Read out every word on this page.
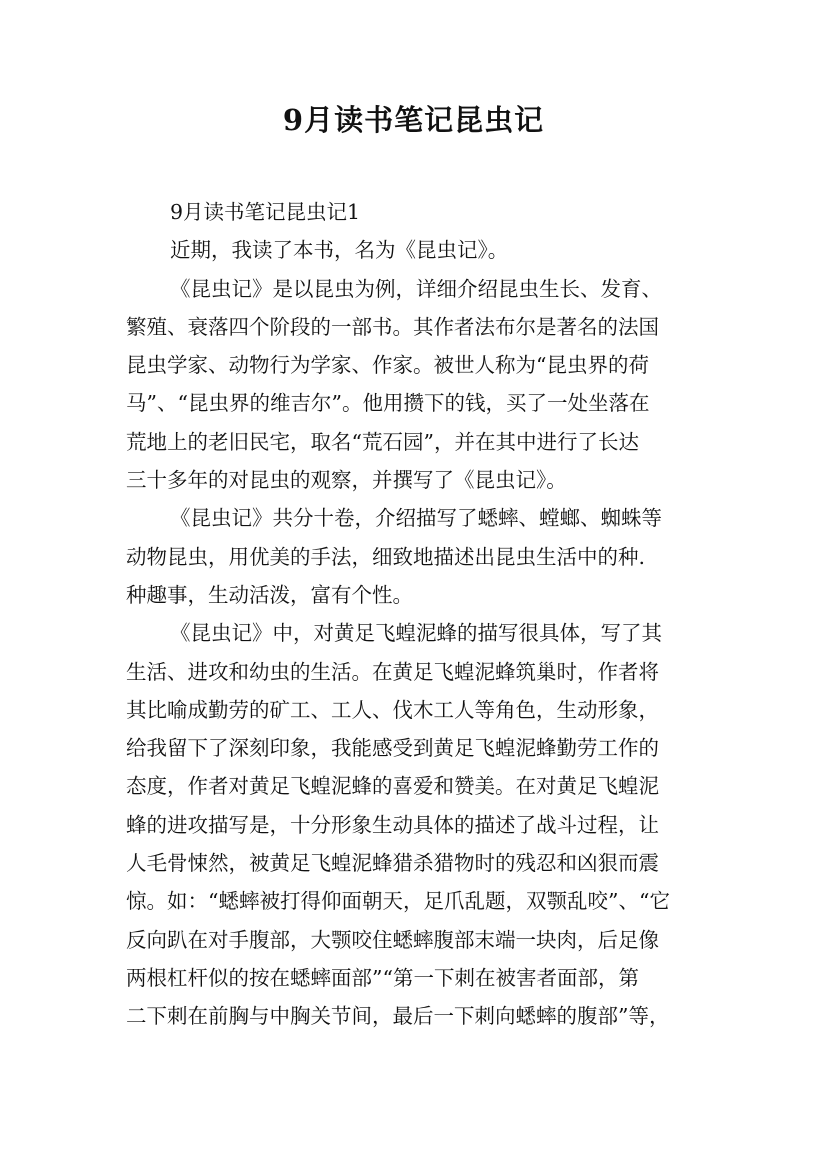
9月读书笔记昆虫记
9月读书笔记昆虫记1
近期，我读了本书，名为《昆虫记》。
《昆虫记》是以昆虫为例，详细介绍昆虫生长、发育、
繁殖、衰落四个阶段的一部书。其作者法布尔是著名的法国
昆虫学家、动物行为学家、作家。被世人称为“昆虫界的荷
马”、“昆虫界的维吉尔”。他用攒下的钱，买了一处坐落在
荒地上的老旧民宅，取名“荒石园”，并在其中进行了长达
三十多年的对昆虫的观察，并撰写了《昆虫记》。
《昆虫记》共分十卷，介绍描写了蟋蟀、螳螂、蜘蛛等
动物昆虫，用优美的手法，细致地描述出昆虫生活中的种.
种趣事，生动活泼，富有个性。
《昆虫记》中，对黄足飞蝗泥蜂的描写很具体，写了其
生活、进攻和幼虫的生活。在黄足飞蝗泥蜂筑巢时，作者将
其比喻成勤劳的矿工、工人、伐木工人等角色，生动形象，
给我留下了深刻印象，我能感受到黄足飞蝗泥蜂勤劳工作的
态度，作者对黄足飞蝗泥蜂的喜爱和赞美。在对黄足飞蝗泥
蜂的进攻描写是，十分形象生动具体的描述了战斗过程，让
人毛骨悚然，被黄足飞蝗泥蜂猎杀猎物时的残忍和凶狠而震
惊。如：“蟋蟀被打得仰面朝天，足爪乱题，双颚乱咬”、“它
反向趴在对手腹部，大颚咬住蟋蟀腹部末端一块肉，后足像
两根杠杆似的按在蟋蟀面部”“第一下刺在被害者面部，第
二下刺在前胸与中胸关节间，最后一下刺向蟋蟀的腹部”等，
